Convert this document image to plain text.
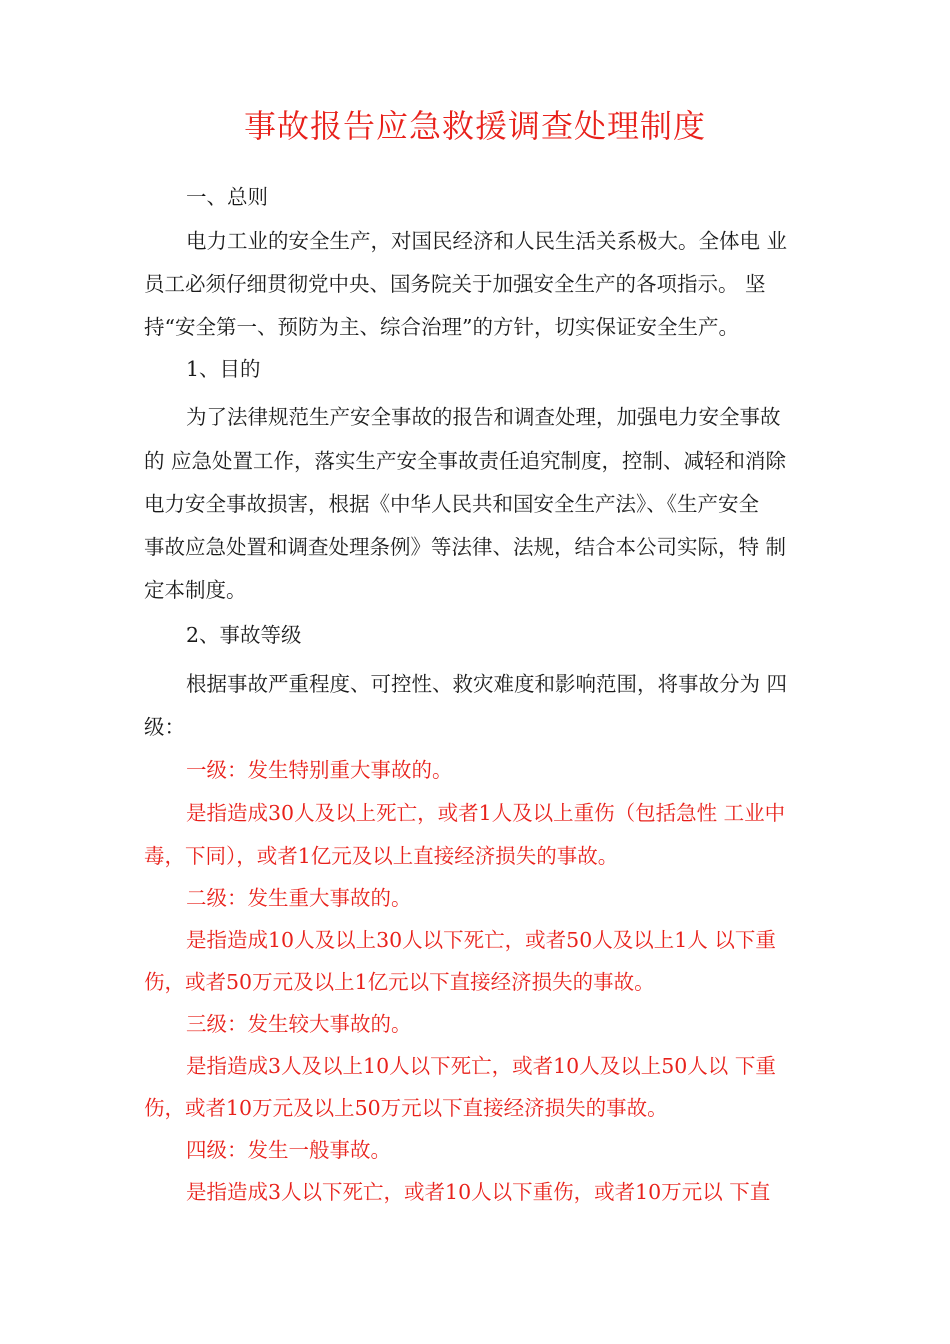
事故报告应急救援调查处理制度

一、总则

电力工业的安全生产，对国民经济和人民生活关系极大。全体电 业

员工必须仔细贯彻党中央、国务院关于加强安全生产的各项指示。 坚

持“安全第一、预防为主、综合治理”的方针，切实保证安全生产。

1、目的

为了法律规范生产安全事故的报告和调查处理，加强电力安全事故

的 应急处置工作，落实生产安全事故责任追究制度，控制、减轻和消除

电力安全事故损害，根据《中华人民共和国安全生产法》、《生产安全

事故应急处置和调查处理条例》等法律、法规，结合本公司实际，特 制

定本制度。

2、事故等级

根据事故严重程度、可控性、救灾难度和影响范围，将事故分为 四

级：

一级：发生特别重大事故的。

是指造成30人及以上死亡，或者1人及以上重伤（包括急性 工业中

毒，下同），或者1亿元及以上直接经济损失的事故。

二级：发生重大事故的。

是指造成10人及以上30人以下死亡，或者50人及以上1人 以下重

伤，或者50万元及以上1亿元以下直接经济损失的事故。

三级：发生较大事故的。

是指造成3人及以上10人以下死亡，或者10人及以上50人以 下重

伤，或者10万元及以上50万元以下直接经济损失的事故。

四级：发生一般事故。

是指造成3人以下死亡，或者10人以下重伤，或者10万元以 下直
